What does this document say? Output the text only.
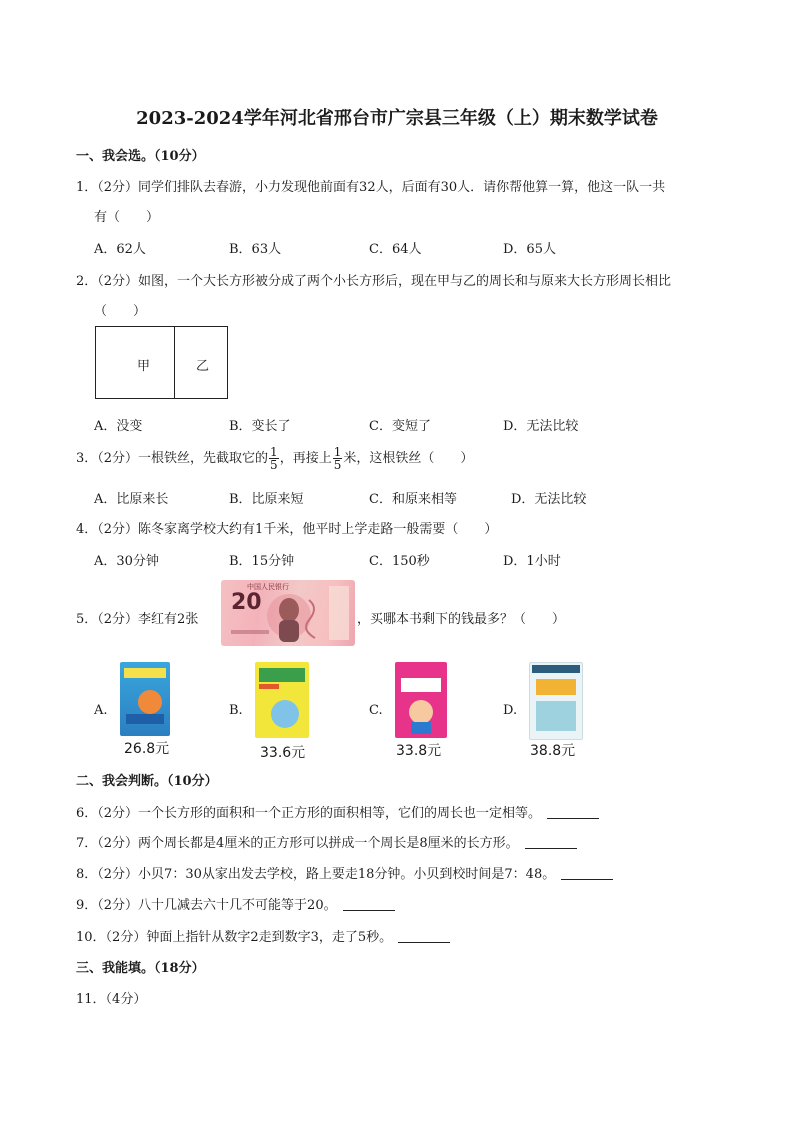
2023-2024学年河北省邢台市广宗县三年级（上）期末数学试卷
一、我会选。（10分）
1．（2分）同学们排队去春游，小力发现他前面有32人，后面有30人．请你帮他算一算，他这一队一共
有（　　）
A．62人	B．63人	C．64人	D．65人
2．（2分）如图，一个大长方形被分成了两个小长方形后，现在甲与乙的周长和与原来大长方形周长相比
（　　）
甲	乙
A．没变	B．变长了	C．变短了	D．无法比较
3．（2分）一根铁丝，先截取它的 $\frac{1}{5}$ ，再接上 $\frac{1}{5}$ 米，这根铁丝（　　）
A．比原来长	B．比原来短	C．和原来相等	D．无法比较
4．（2分）陈冬家离学校大约有1千米，他平时上学走路一般需要（　　）
A．30分钟	B．15分钟	C．150秒	D．1小时
5．（2分）李红有2张
中国人民银行
20
，买哪本书剩下的钱最多？（　　）
A.
26.8元
B.
33.6元
C.
33.8元
D.
38.8元
二、我会判断。（10分）
6．（2分）一个长方形的面积和一个正方形的面积相等，它们的周长也一定相等。
7．（2分）两个周长都是4厘米的正方形可以拼成一个周长是8厘米的长方形。
8．（2分）小贝7：30从家出发去学校，路上要走18分钟。小贝到校时间是7：48。
9．（2分）八十几减去六十几不可能等于20。
10．（2分）钟面上指针从数字2走到数字3，走了5秒。
三、我能填。（18分）
11．（4分）
